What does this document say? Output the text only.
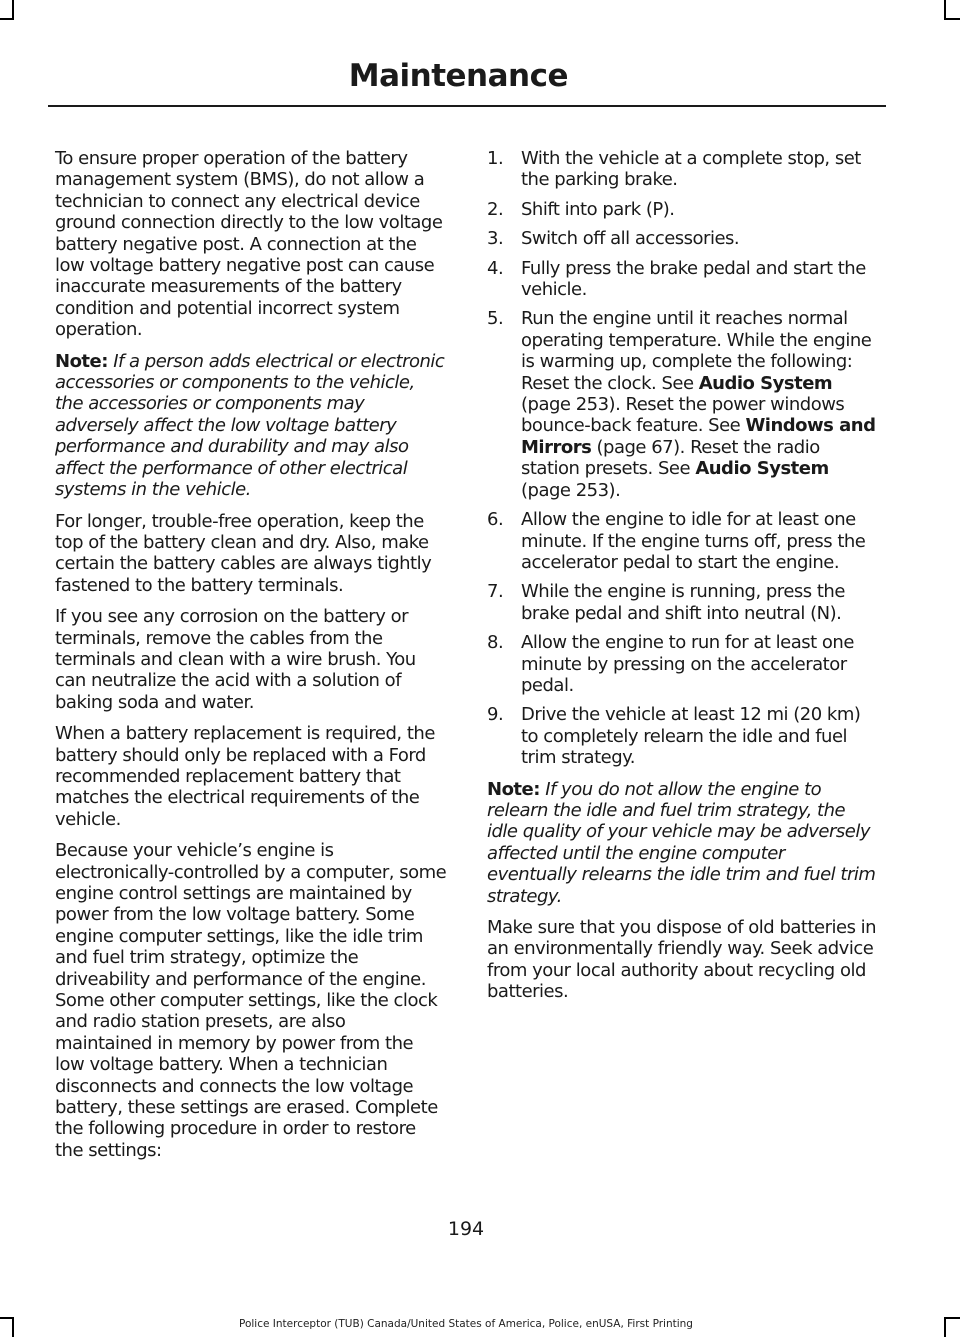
Maintenance

To ensure proper operation of the battery management system (BMS), do not allow a technician to connect any electrical device ground connection directly to the low voltage battery negative post. A connection at the low voltage battery negative post can cause inaccurate measurements of the battery condition and potential incorrect system operation.

Note: If a person adds electrical or electronic accessories or components to the vehicle, the accessories or components may adversely affect the low voltage battery performance and durability and may also affect the performance of other electrical systems in the vehicle.

For longer, trouble-free operation, keep the top of the battery clean and dry. Also, make certain the battery cables are always tightly fastened to the battery terminals.

If you see any corrosion on the battery or terminals, remove the cables from the terminals and clean with a wire brush. You can neutralize the acid with a solution of baking soda and water.

When a battery replacement is required, the battery should only be replaced with a Ford recommended replacement battery that matches the electrical requirements of the vehicle.

Because your vehicle’s engine is electronically-controlled by a computer, some engine control settings are maintained by power from the low voltage battery. Some engine computer settings, like the idle trim and fuel trim strategy, optimize the driveability and performance of the engine. Some other computer settings, like the clock and radio station presets, are also maintained in memory by power from the low voltage battery. When a technician disconnects and connects the low voltage battery, these settings are erased. Complete the following procedure in order to restore the settings:

1. With the vehicle at a complete stop, set the parking brake.
2. Shift into park (P).
3. Switch off all accessories.
4. Fully press the brake pedal and start the vehicle.
5. Run the engine until it reaches normal operating temperature. While the engine is warming up, complete the following: Reset the clock. See Audio System (page 253). Reset the power windows bounce-back feature. See Windows and Mirrors (page 67). Reset the radio station presets. See Audio System (page 253).
6. Allow the engine to idle for at least one minute. If the engine turns off, press the accelerator pedal to start the engine.
7. While the engine is running, press the brake pedal and shift into neutral (N).
8. Allow the engine to run for at least one minute by pressing on the accelerator pedal.
9. Drive the vehicle at least 12 mi (20 km) to completely relearn the idle and fuel trim strategy.

Note: If you do not allow the engine to relearn the idle and fuel trim strategy, the idle quality of your vehicle may be adversely affected until the engine computer eventually relearns the idle trim and fuel trim strategy.

Make sure that you dispose of old batteries in an environmentally friendly way. Seek advice from your local authority about recycling old batteries.

194
Police Interceptor (TUB) Canada/United States of America, Police, enUSA, First Printing
